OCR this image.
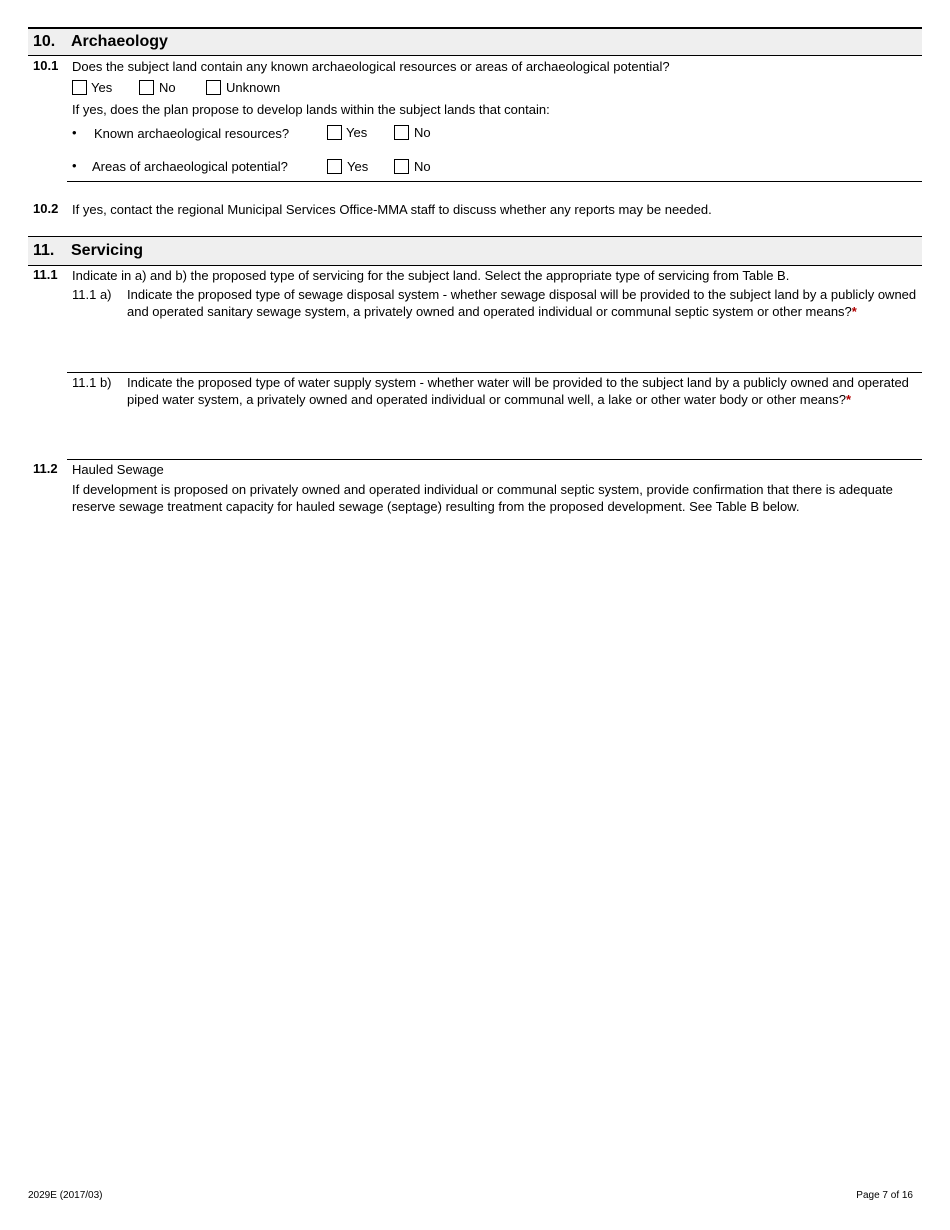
10. Archaeology
10.1 Does the subject land contain any known archaeological resources or areas of archaeological potential?
Yes	No	Unknown
If yes, does the plan propose to develop lands within the subject lands that contain:
• Known archaeological resources?	Yes	No
• Areas of archaeological potential?	Yes	No
10.2 If yes, contact the regional Municipal Services Office-MMA staff to discuss whether any reports may be needed.
11. Servicing
11.1 Indicate in a) and b) the proposed type of servicing for the subject land. Select the appropriate type of servicing from Table B.
11.1 a) Indicate the proposed type of sewage disposal system - whether sewage disposal will be provided to the subject land by a publicly owned and operated sanitary sewage system, a privately owned and operated individual or communal septic system or other means?*
11.1 b) Indicate the proposed type of water supply system - whether water will be provided to the subject land by a publicly owned and operated piped water system, a privately owned and operated individual or communal well, a lake or other water body or other means?*
11.2 Hauled Sewage
If development is proposed on privately owned and operated individual or communal septic system, provide confirmation that there is adequate reserve sewage treatment capacity for hauled sewage (septage) resulting from the proposed development. See Table B below.
2029E (2017/03)	Page 7 of 16
